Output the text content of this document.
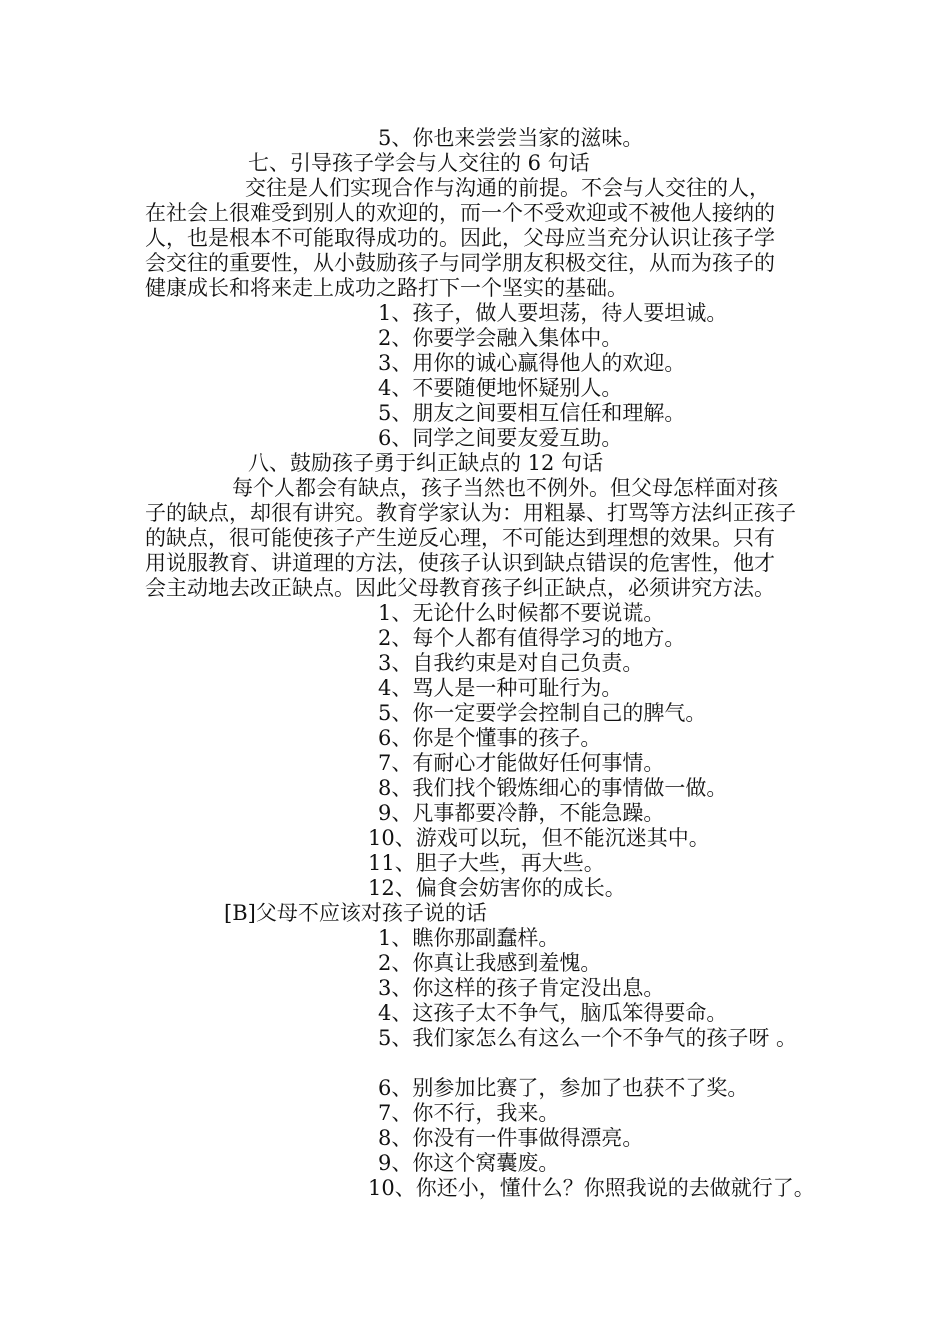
5、你也来尝尝当家的滋味。
七、引导孩子学会与人交往的 6 句话
交往是人们实现合作与沟通的前提。不会与人交往的人，
在社会上很难受到别人的欢迎的，而一个不受欢迎或不被他人接纳的
人，也是根本不可能取得成功的。因此，父母应当充分认识让孩子学
会交往的重要性，从小鼓励孩子与同学朋友积极交往，从而为孩子的
健康成长和将来走上成功之路打下一个坚实的基础。
1、孩子，做人要坦荡，待人要坦诚。
2、你要学会融入集体中。
3、用你的诚心赢得他人的欢迎。
4、不要随便地怀疑别人。
5、朋友之间要相互信任和理解。
6、同学之间要友爱互助。
八、鼓励孩子勇于纠正缺点的 12 句话
每个人都会有缺点，孩子当然也不例外。但父母怎样面对孩
子的缺点，却很有讲究。教育学家认为：用粗暴、打骂等方法纠正孩子
的缺点，很可能使孩子产生逆反心理，不可能达到理想的效果。只有
用说服教育、讲道理的方法，使孩子认识到缺点错误的危害性，他才
会主动地去改正缺点。因此父母教育孩子纠正缺点，必须讲究方法。
1、无论什么时候都不要说谎。
2、每个人都有值得学习的地方。
3、自我约束是对自己负责。
4、骂人是一种可耻行为。
5、你一定要学会控制自己的脾气。
6、你是个懂事的孩子。
7、有耐心才能做好任何事情。
8、我们找个锻炼细心的事情做一做。
9、凡事都要冷静，不能急躁。
10、游戏可以玩，但不能沉迷其中。
11、胆子大些，再大些。
12、偏食会妨害你的成长。
[B]父母不应该对孩子说的话
1、瞧你那副蠢样。
2、你真让我感到羞愧。
3、你这样的孩子肯定没出息。
4、这孩子太不争气，脑瓜笨得要命。
5、我们家怎么有这么一个不争气的孩子呀 。
6、别参加比赛了，参加了也获不了奖。
7、你不行，我来。
8、你没有一件事做得漂亮。
9、你这个窝囊废。
10、你还小，懂什么？你照我说的去做就行了。
